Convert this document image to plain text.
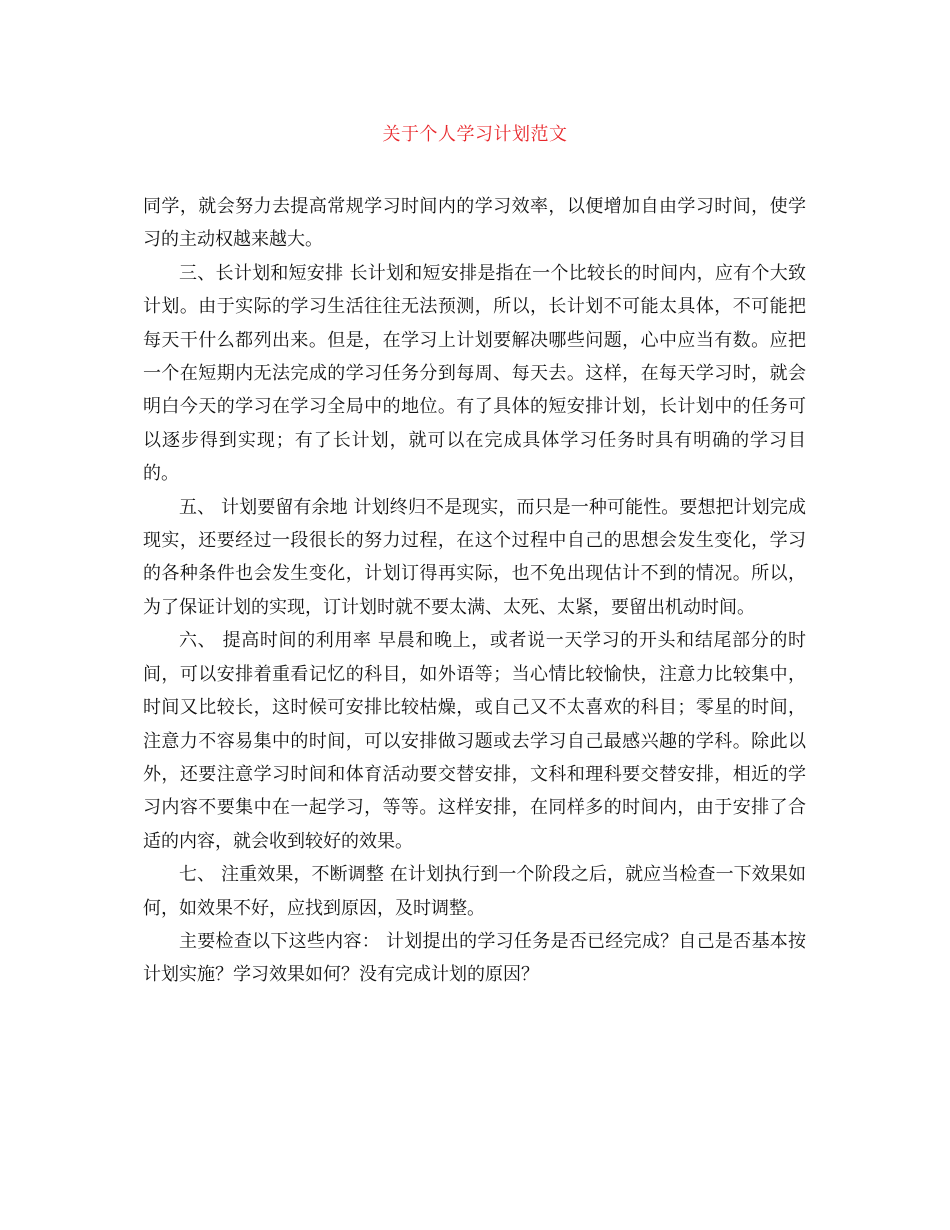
关于个人学习计划范文

同学，就会努力去提高常规学习时间内的学习效率，以便增加自由学习时间，使学习的主动权越来越大。

三、长计划和短安排 长计划和短安排是指在一个比较长的时间内，应有个大致计划。由于实际的学习生活往往无法预测，所以，长计划不可能太具体，不可能把每天干什么都列出来。但是，在学习上计划要解决哪些问题，心中应当有数。应把一个在短期内无法完成的学习任务分到每周、每天去。这样，在每天学习时，就会明白今天的学习在学习全局中的地位。有了具体的短安排计划，长计划中的任务可以逐步得到实现；有了长计划，就可以在完成具体学习任务时具有明确的学习目的。

五、 计划要留有余地 计划终归不是现实，而只是一种可能性。要想把计划完成现实，还要经过一段很长的努力过程，在这个过程中自己的思想会发生变化，学习的各种条件也会发生变化，计划订得再实际，也不免出现估计不到的情况。所以，为了保证计划的实现，订计划时就不要太满、太死、太紧，要留出机动时间。

六、 提高时间的利用率 早晨和晚上，或者说一天学习的开头和结尾部分的时间，可以安排着重看记忆的科目，如外语等；当心情比较愉快，注意力比较集中，时间又比较长，这时候可安排比较枯燥，或自己又不太喜欢的科目；零星的时间，注意力不容易集中的时间，可以安排做习题或去学习自己最感兴趣的学科。除此以外，还要注意学习时间和体育活动要交替安排，文科和理科要交替安排，相近的学习内容不要集中在一起学习，等等。这样安排，在同样多的时间内，由于安排了合适的内容，就会收到较好的效果。

七、 注重效果，不断调整 在计划执行到一个阶段之后，就应当检查一下效果如何，如效果不好，应找到原因，及时调整。

主要检查以下这些内容： 计划提出的学习任务是否已经完成？自己是否基本按计划实施？学习效果如何？没有完成计划的原因？
